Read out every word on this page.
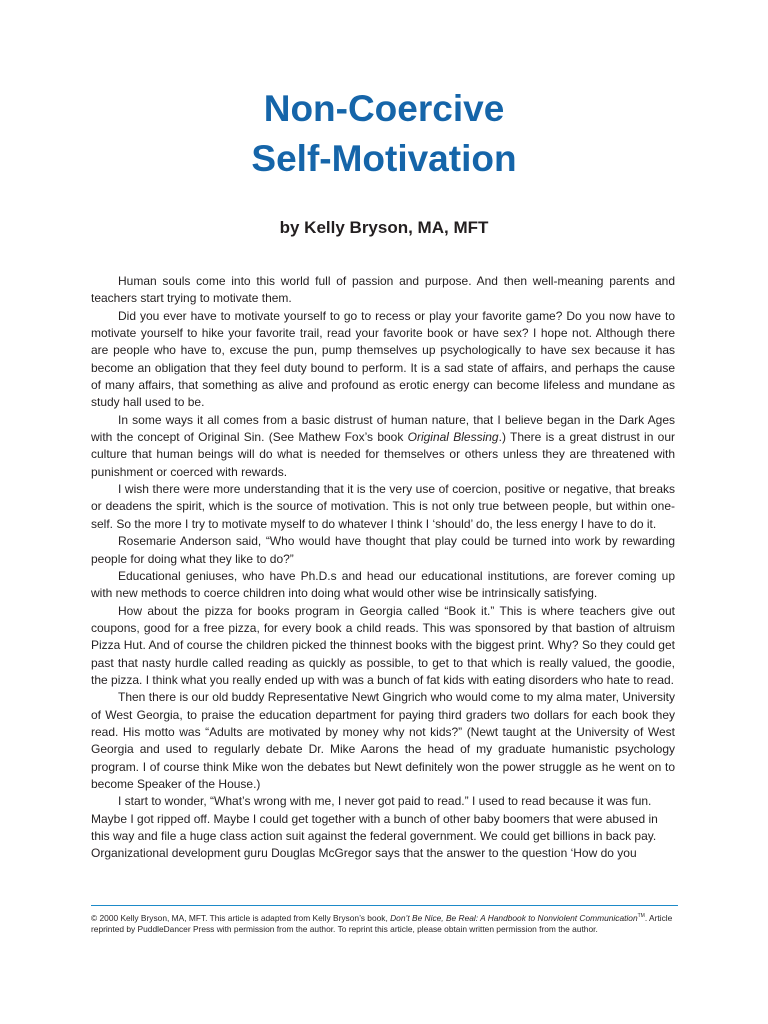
Non-Coercive
Self-Motivation
by Kelly Bryson, MA, MFT

Human souls come into this world full of passion and purpose. And then well-meaning parents and teachers start trying to motivate them.

Did you ever have to motivate yourself to go to recess or play your favorite game? Do you now have to motivate yourself to hike your favorite trail, read your favorite book or have sex? I hope not. Although there are people who have to, excuse the pun, pump themselves up psychologically to have sex because it has become an obligation that they feel duty bound to perform. It is a sad state of affairs, and perhaps the cause of many affairs, that something as alive and profound as erotic energy can become lifeless and mundane as study hall used to be.

In some ways it all comes from a basic distrust of human nature, that I believe began in the Dark Ages with the concept of Original Sin. (See Mathew Fox’s book Original Blessing.) There is a great distrust in our culture that human beings will do what is needed for themselves or others unless they are threatened with punishment or coerced with rewards.

I wish there were more understanding that it is the very use of coercion, positive or negative, that breaks or deadens the spirit, which is the source of motivation. This is not only true between people, but within one-self. So the more I try to motivate myself to do whatever I think I ‘should’ do, the less energy I have to do it.

Rosemarie Anderson said, “Who would have thought that play could be turned into work by rewarding people for doing what they like to do?”

Educational geniuses, who have Ph.D.s and head our educational institutions, are forever coming up with new methods to coerce children into doing what would other wise be intrinsically satisfying.

How about the pizza for books program in Georgia called “Book it.” This is where teachers give out coupons, good for a free pizza, for every book a child reads. This was sponsored by that bastion of altruism Pizza Hut. And of course the children picked the thinnest books with the biggest print. Why? So they could get past that nasty hurdle called reading as quickly as possible, to get to that which is really valued, the goodie, the pizza. I think what you really ended up with was a bunch of fat kids with eating disorders who hate to read.

Then there is our old buddy Representative Newt Gingrich who would come to my alma mater, University of West Georgia, to praise the education department for paying third graders two dollars for each book they read. His motto was “Adults are motivated by money why not kids?” (Newt taught at the University of West Georgia and used to regularly debate Dr. Mike Aarons the head of my graduate humanistic psychology program. I of course think Mike won the debates but Newt definitely won the power struggle as he went on to become Speaker of the House.)

I start to wonder, “What’s wrong with me, I never got paid to read.” I used to read because it was fun. Maybe I got ripped off. Maybe I could get together with a bunch of other baby boomers that were abused in this way and file a huge class action suit against the federal government. We could get billions in back pay. Organizational development guru Douglas McGregor says that the answer to the question ‘How do you

© 2000 Kelly Bryson, MA, MFT. This article is adapted from Kelly Bryson’s book, Don’t Be Nice, Be Real: A Handbook to Nonviolent Communication™. Article reprinted by PuddleDancer Press with permission from the author. To reprint this article, please obtain written permission from the author.
